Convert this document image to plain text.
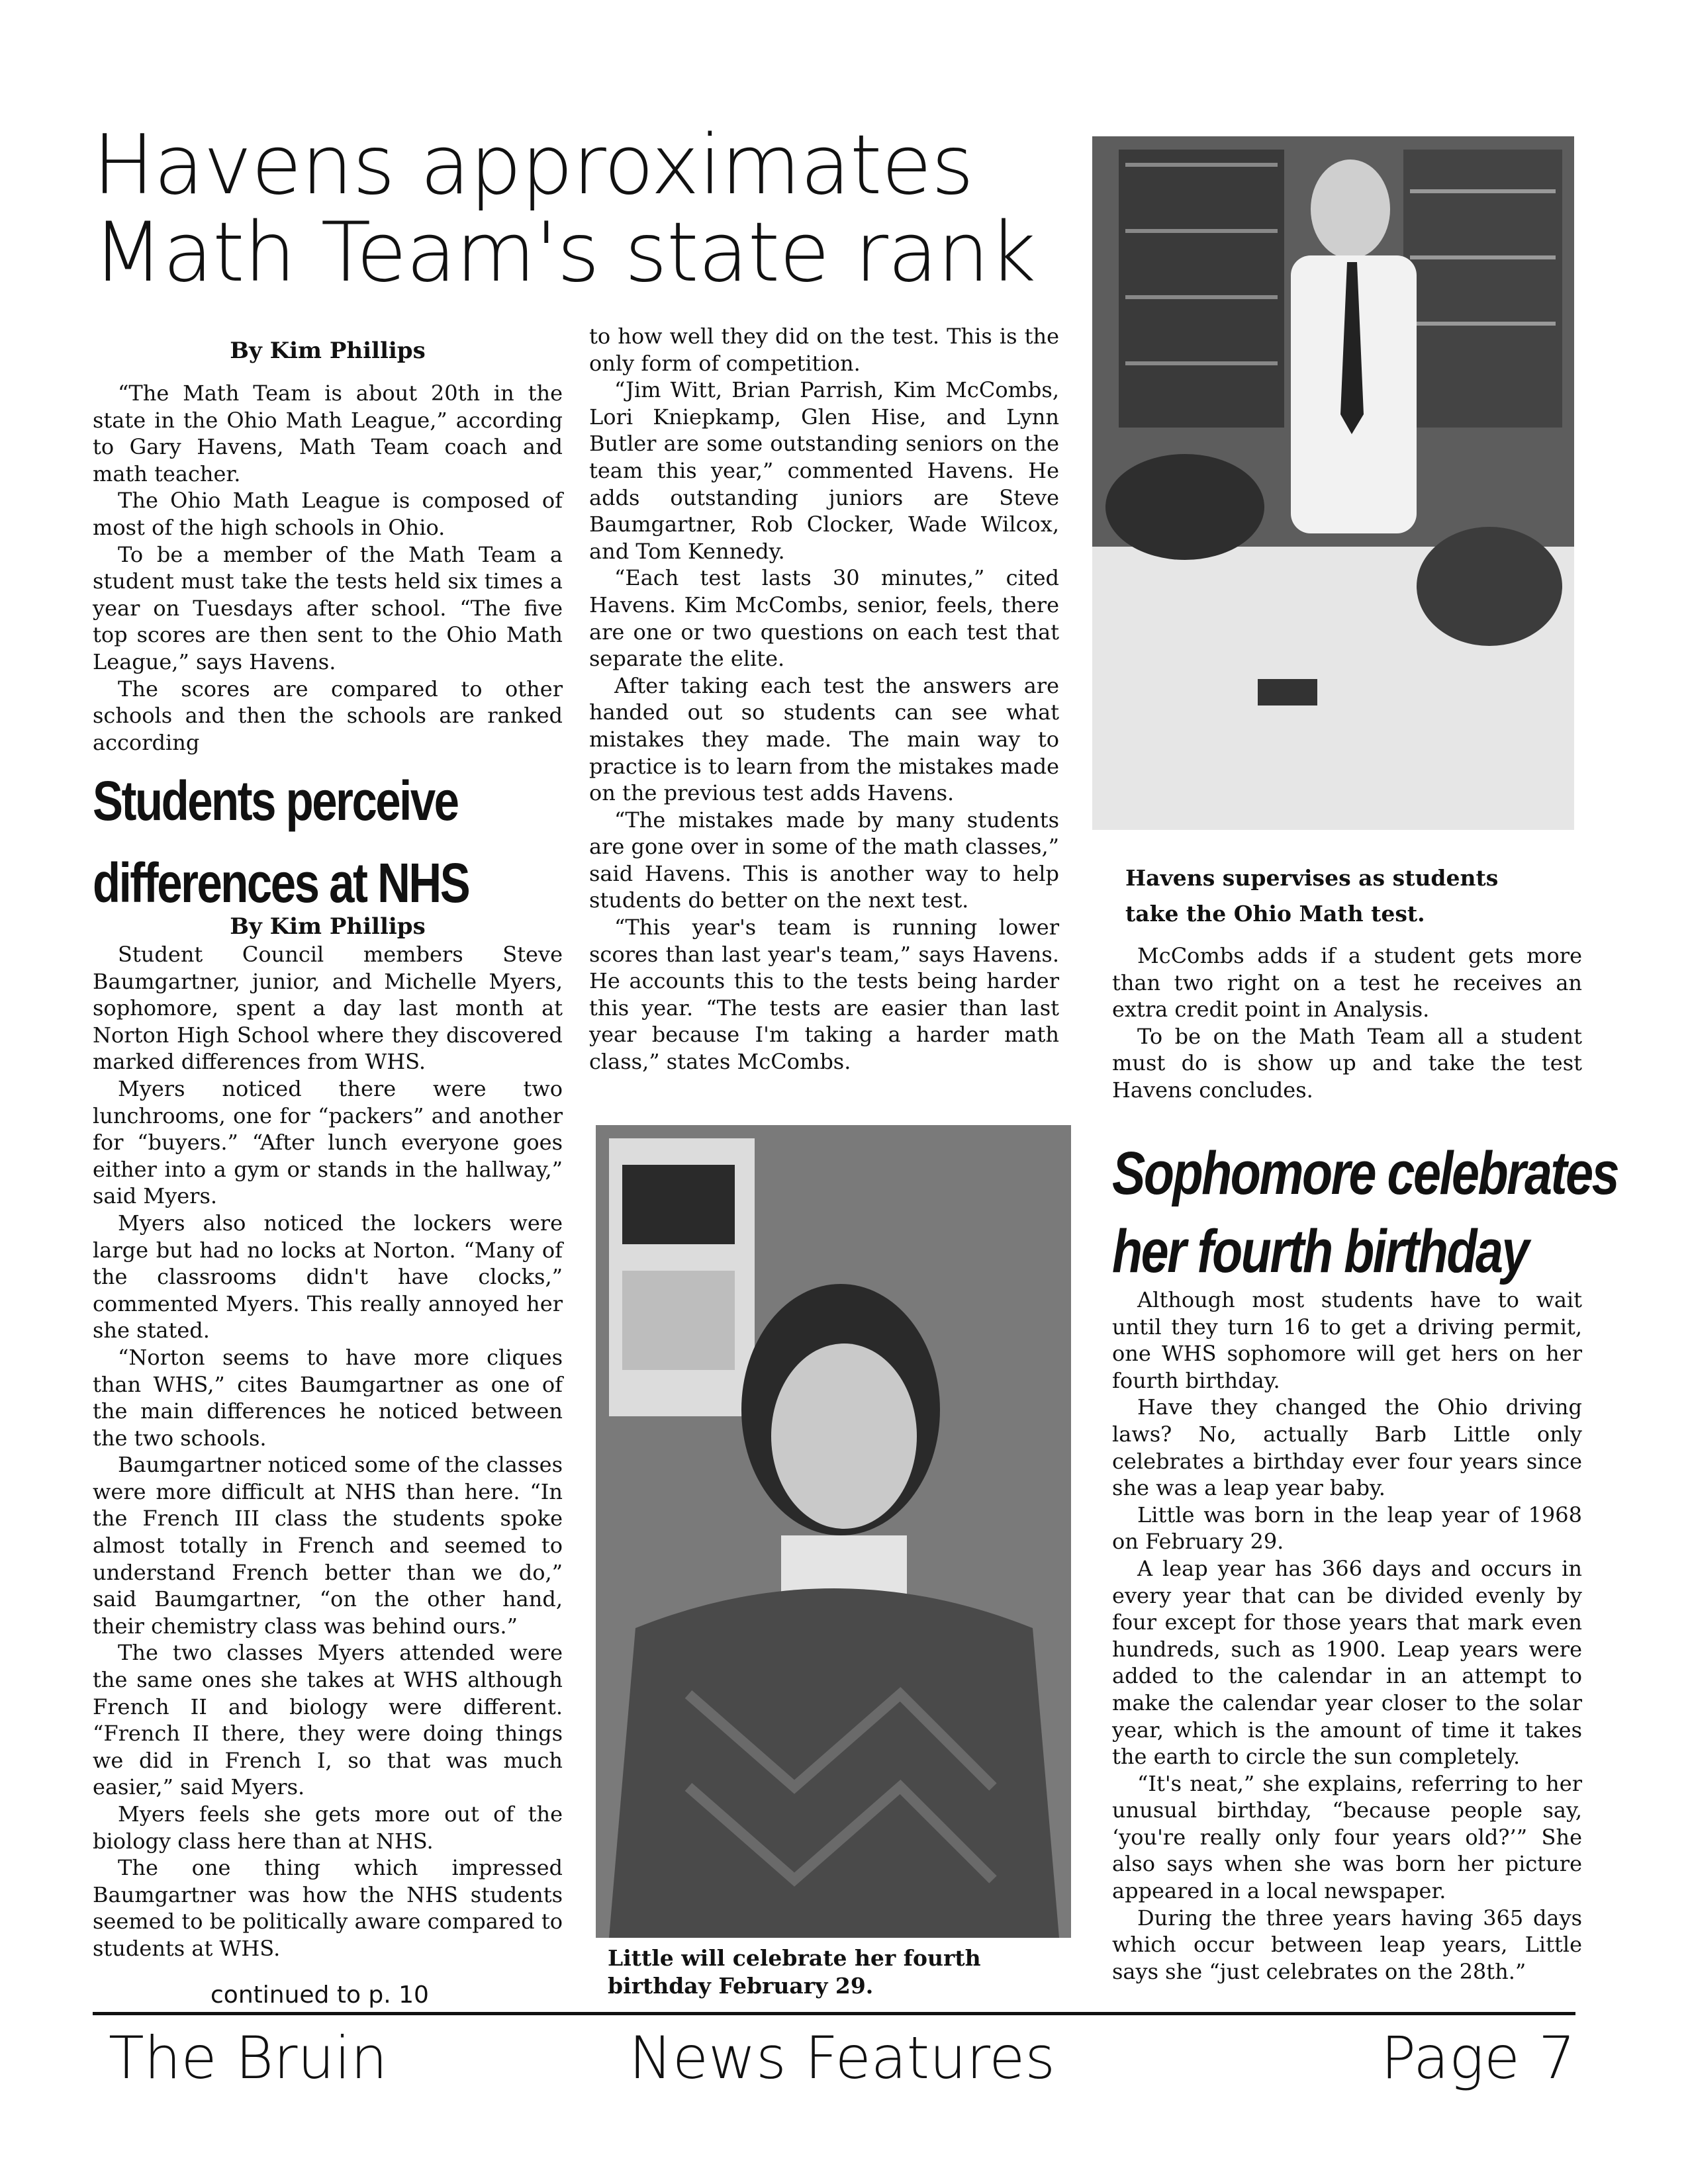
Havens approximates
Math Team's state rank
By Kim Phillips

“The Math Team is about 20th in the state in the Ohio Math League,” according to Gary Havens, Math Team coach and math teacher.

The Ohio Math League is composed of most of the high schools in Ohio.

To be a member of the Math Team a student must take the tests held six times a year on Tuesdays after school. “The five top scores are then sent to the Ohio Math League,” says Havens.

The scores are compared to other schools and then the schools are ranked according

Students perceive
differences at NHS
By Kim Phillips

Student Council members Steve Baumgartner, junior, and Michelle Myers, sophomore, spent a day last month at Norton High School where they discovered marked differences from WHS.

Myers noticed there were two lunchrooms, one for “packers” and another for “buyers.” “After lunch everyone goes either into a gym or stands in the hallway,” said Myers.

Myers also noticed the lockers were large but had no locks at Norton. “Many of the classrooms didn't have clocks,” commented Myers. This really annoyed her she stated.

“Norton seems to have more cliques than WHS,” cites Baumgartner as one of the main differences he noticed between the two schools.

Baumgartner noticed some of the classes were more difficult at NHS than here. “In the French III class the students spoke almost totally in French and seemed to understand French better than we do,” said Baumgartner, “on the other hand, their chemistry class was behind ours.”

The two classes Myers attended were the same ones she takes at WHS although French II and biology were different. “French II there, they were doing things we did in French I, so that was much easier,” said Myers.

Myers feels she gets more out of the biology class here than at NHS.

The one thing which impressed Baumgartner was how the NHS students seemed to be politically aware compared to students at WHS.

continued to p. 10

to how well they did on the test. This is the only form of competition.

“Jim Witt, Brian Parrish, Kim McCombs, Lori Kniepkamp, Glen Hise, and Lynn Butler are some outstanding seniors on the team this year,” commented Havens. He adds outstanding juniors are Steve Baumgartner, Rob Clocker, Wade Wilcox, and Tom Kennedy.

“Each test lasts 30 minutes,” cited Havens. Kim McCombs, senior, feels, there are one or two questions on each test that separate the elite.

After taking each test the answers are handed out so students can see what mistakes they made. The main way to practice is to learn from the mistakes made on the previous test adds Havens.

“The mistakes made by many students are gone over in some of the math classes,” said Havens. This is another way to help students do better on the next test.

“This year's team is running lower scores than last year's team,” says Havens. He accounts this to the tests being harder this year. “The tests are easier than last year because I'm taking a harder math class,” states McCombs.

Havens supervises as students
take the Ohio Math test.

McCombs adds if a student gets more than two right on a test he receives an extra credit point in Analysis.

To be on the Math Team all a student must do is show up and take the test Havens concludes.

Little will celebrate her fourth birthday February 29.
Sophomore celebrates
her fourth birthday

Although most students have to wait until they turn 16 to get a driving permit, one WHS sophomore will get hers on her fourth birthday.

Have they changed the Ohio driving laws? No, actually Barb Little only celebrates a birthday ever four years since she was a leap year baby.

Little was born in the leap year of 1968 on February 29.

A leap year has 366 days and occurs in every year that can be divided evenly by four except for those years that mark even hundreds, such as 1900. Leap years were added to the calendar in an attempt to make the calendar year closer to the solar year, which is the amount of time it takes the earth to circle the sun completely.

“It's neat,” she explains, referring to her unusual birthday, “because people say, ‘you're really only four years old?’” She also says when she was born her picture appeared in a local newspaper.

During the three years having 365 days which occur between leap years, Little says she “just celebrates on the 28th.”

The Bruin	News Features	Page 7
